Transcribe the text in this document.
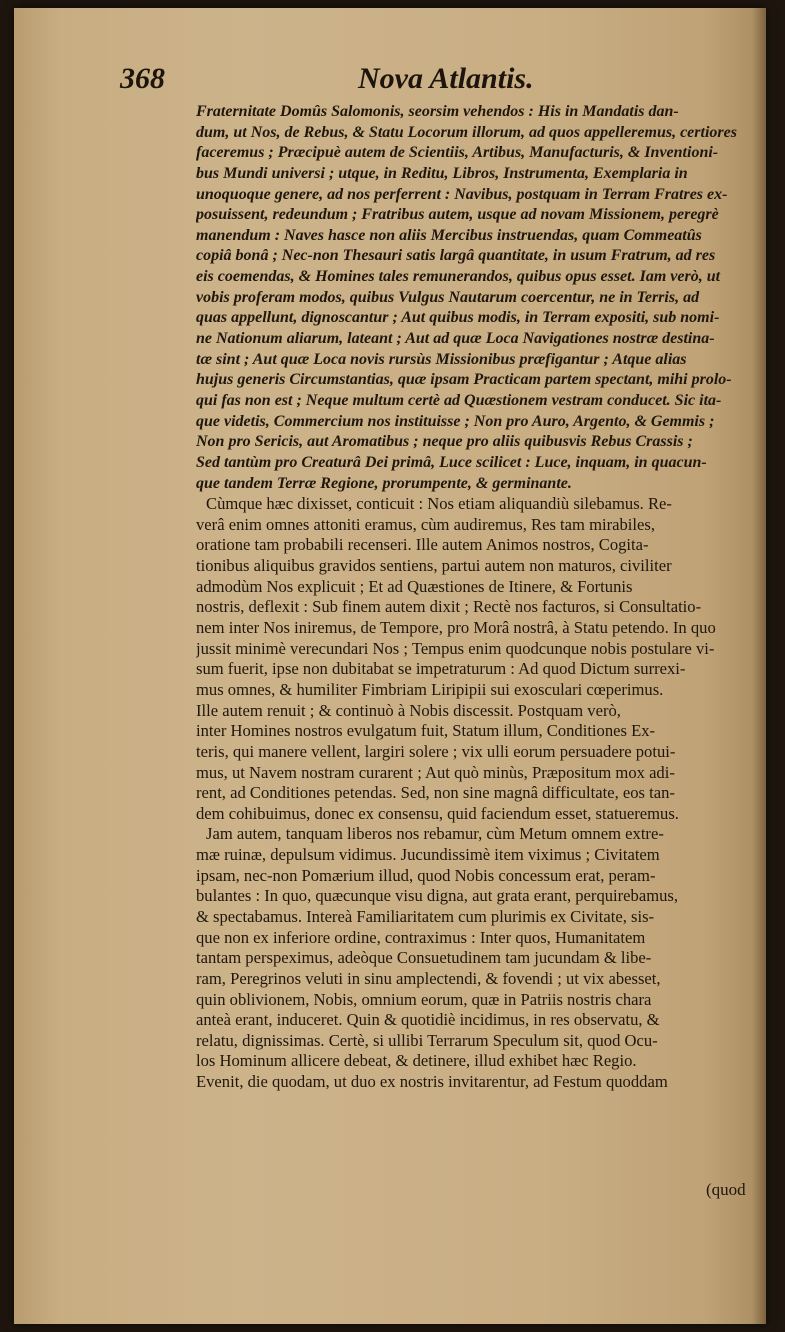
368	Nova Atlantis.
Fraternitate Domûs Salomonis, seorsim vehendos : His in Mandatis dan-
dum, ut Nos, de Rebus, & Statu Locorum illorum, ad quos appelleremus, certiores
faceremus ; Præcipuè autem de Scientiis, Artibus, Manufacturis, & Inventioni-
bus Mundi universi ; utque, in Reditu, Libros, Instrumenta, Exemplaria in
unoquoque genere, ad nos perferrent : Navibus, postquam in Terram Fratres ex-
posuissent, redeundum ; Fratribus autem, usque ad novam Missionem, peregrè
manendum : Naves hasce non aliis Mercibus instruendas, quam Commeatûs
copiâ bonâ ; Nec-non Thesauri satis largâ quantitate, in usum Fratrum, ad res
eis coemendas, & Homines tales remunerandos, quibus opus esset. Iam verò, ut
vobis proferam modos, quibus Vulgus Nautarum coercentur, ne in Terris, ad
quas appellunt, dignoscantur ; Aut quibus modis, in Terram expositi, sub nomi-
ne Nationum aliarum, lateant ; Aut ad quæ Loca Navigationes nostræ destina-
tæ sint ; Aut quæ Loca novis rursùs Missionibus præfigantur ; Atque alias
hujus generis Circumstantias, quæ ipsam Practicam partem spectant, mihi prolo-
qui fas non est ; Neque multum certè ad Quæstionem vestram conducet. Sic ita-
que videtis, Commercium nos instituisse ; Non pro Auro, Argento, & Gemmis ;
Non pro Sericis, aut Aromatibus ; neque pro aliis quibusvis Rebus Crassis ;
Sed tantùm pro Creaturâ Dei primâ, Luce scilicet : Luce, inquam, in quacun-
que tandem Terræ Regione, prorumpente, & germinante.
Cùmque hæc dixisset, conticuit : Nos etiam aliquandiù silebamus. Re-
verâ enim omnes attoniti eramus, cùm audiremus, Res tam mirabiles,
oratione tam probabili recenseri. Ille autem Animos nostros, Cogita-
tionibus aliquibus gravidos sentiens, partui autem non maturos, civiliter
admodùm Nos explicuit ; Et ad Quæstiones de Itinere, & Fortunis
nostris, deflexit : Sub finem autem dixit ; Rectè nos facturos, si Consultatio-
nem inter Nos iniremus, de Tempore, pro Morâ nostrâ, à Statu petendo. In quo
jussit minimè verecundari Nos ; Tempus enim quodcunque nobis postulare vi-
sum fuerit, ipse non dubitabat se impetraturum : Ad quod Dictum surrexi-
mus omnes, & humiliter Fimbriam Liripipii sui exosculari cœperimus.
Ille autem renuit ; & continuò à Nobis discessit. Postquam verò,
inter Homines nostros evulgatum fuit, Statum illum, Conditiones Ex-
teris, qui manere vellent, largiri solere ; vix ulli eorum persuadere potui-
mus, ut Navem nostram curarent ; Aut quò minùs, Præpositum mox adi-
rent, ad Conditiones petendas. Sed, non sine magnâ difficultate, eos tan-
dem cohibuimus, donec ex consensu, quid faciendum esset, statueremus.
Jam autem, tanquam liberos nos rebamur, cùm Metum omnem extre-
mæ ruinæ, depulsum vidimus. Jucundissimè item viximus ; Civitatem
ipsam, nec-non Pomærium illud, quod Nobis concessum erat, peram-
bulantes : In quo, quæcunque visu digna, aut grata erant, perquirebamus,
& spectabamus. Intereà Familiaritatem cum plurimis ex Civitate, sis-
que non ex inferiore ordine, contraximus : Inter quos, Humanitatem
tantam perspeximus, adeòque Consuetudinem tam jucundam & libe-
ram, Peregrinos veluti in sinu amplectendi, & fovendi ; ut vix abesset,
quin oblivionem, Nobis, omnium eorum, quæ in Patriis nostris chara
anteà erant, induceret. Quin & quotidiè incidimus, in res observatu, &
relatu, dignissimas. Certè, si ullibi Terrarum Speculum sit, quod Ocu-
los Hominum allicere debeat, & detinere, illud exhibet hæc Regio.
Evenit, die quodam, ut duo ex nostris invitarentur, ad Festum quoddam
(quod
